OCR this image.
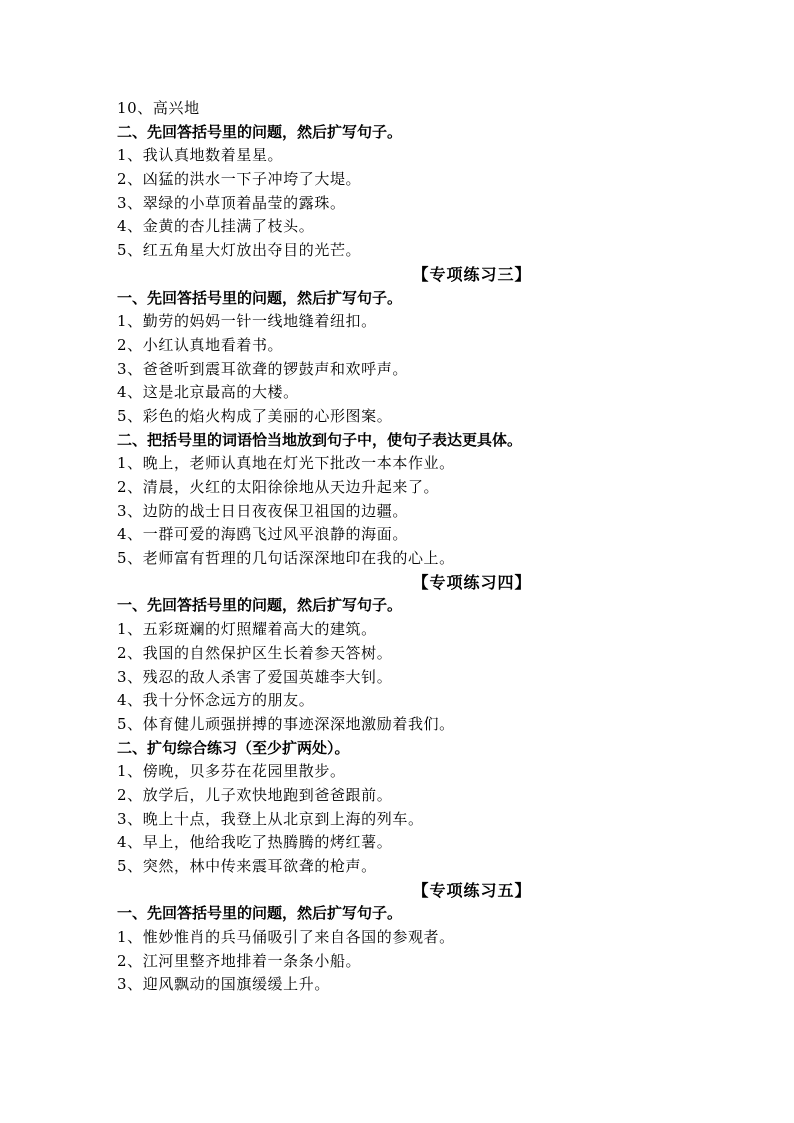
10、高兴地
二、先回答括号里的问题，然后扩写句子。
1、我认真地数着星星。
2、凶猛的洪水一下子冲垮了大堤。
3、翠绿的小草顶着晶莹的露珠。
4、金黄的杏儿挂满了枝头。
5、红五角星大灯放出夺目的光芒。
【专项练习三】
一、先回答括号里的问题，然后扩写句子。
1、勤劳的妈妈一针一线地缝着纽扣。
2、小红认真地看着书。
3、爸爸听到震耳欲聋的锣鼓声和欢呼声。
4、这是北京最高的大楼。
5、彩色的焰火构成了美丽的心形图案。
二、把括号里的词语恰当地放到句子中，使句子表达更具体。
1、晚上，老师认真地在灯光下批改一本本作业。
2、清晨，火红的太阳徐徐地从天边升起来了。
3、边防的战士日日夜夜保卫祖国的边疆。
4、一群可爱的海鸥飞过风平浪静的海面。
5、老师富有哲理的几句话深深地印在我的心上。
【专项练习四】
一、先回答括号里的问题，然后扩写句子。
1、五彩斑斓的灯照耀着高大的建筑。
2、我国的自然保护区生长着参天答树。
3、残忍的敌人杀害了爱国英雄李大钊。
4、我十分怀念远方的朋友。
5、体育健儿顽强拼搏的事迹深深地激励着我们。
二、扩句综合练习（至少扩两处）。
1、傍晚，贝多芬在花园里散步。
2、放学后，儿子欢快地跑到爸爸跟前。
3、晚上十点，我登上从北京到上海的列车。
4、早上，他给我吃了热腾腾的烤红薯。
5、突然，林中传来震耳欲聋的枪声。
【专项练习五】
一、先回答括号里的问题，然后扩写句子。
1、惟妙惟肖的兵马俑吸引了来自各国的参观者。
2、江河里整齐地排着一条条小船。
3、迎风飘动的国旗缓缓上升。
